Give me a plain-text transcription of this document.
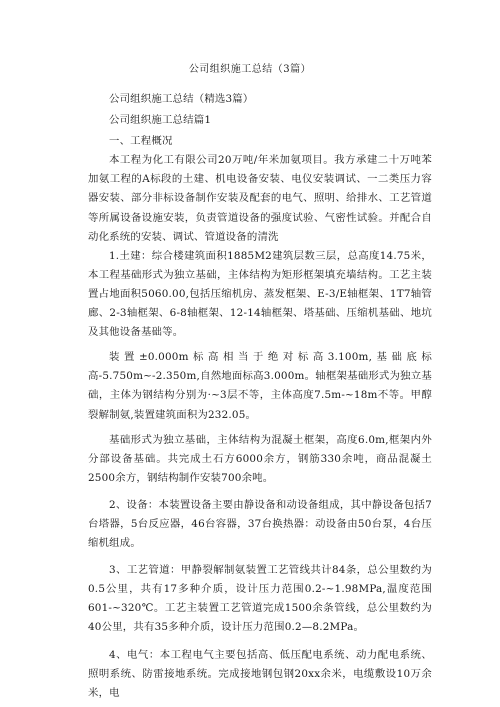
公司组织施工总结（3篇）

公司组织施工总结（精选3篇）

公司组织施工总结篇1

一、工程概况

本工程为化工有限公司20万吨/年米加氨项目。我方承建二十万吨苯加氨工程的A标段的土建、机电设备安装、电仪安装调试、一二类压力容器安装、部分非标设备制作安装及配套的电气、照明、给排水、工艺管道等所属设备设施安装，负责管道设备的强度试验、气密性试验。并配合自动化系统的安装、调试、管道设备的清洗

1.土建：综合楼建筑面积1885M2建筑层数三层，总高度14.75米，本工程基础形式为独立基础，主体结构为矩形框架填充墙结构。工艺主装置占地面积5060.00,包括压缩机房、蒸发框架、E-3/E轴框架、1T7轴管廊、2-3轴框架、6-8轴框架、12-14轴框架、塔基础、压缩机基础、地坑及其他设备基础等。

装置±0.000m标高相当于绝对标高3.100m,基础底标高-5.750m~-2.350m,自然地面标高3.000m。轴框架基础形式为独立基础，主体为钢结构分别为·~3层不等，主体高度7.5m-~18m不等。甲醇裂解制氨,装置建筑面积为232.05。

基础形式为独立基础，主体结构为混凝土框架，高度6.0m,框架内外分部设备基础。共完成土石方6000余方，钢筋330余吨，商品混凝土2500余方，钢结构制作安装700余吨。

2、设备：本装置设备主要由静设备和动设备组成，其中静设备包括7台塔器，5台反应器，46台容器，37台换热器：动设备由50台泵，4台压缩机组成。

3、工艺管道：甲静裂解制氨装置工艺管线共计84条，总公里数约为0.5公里，共有17多种介质，设计压力范围0.2-~1.98MPa,温度范围601-~320℃。工艺主装置工艺管道完成1500余条管线，总公里数约为40公里，共有35多种介质，设计压力范围0.2—8.2MPa。

4、电气：本工程电气主要包括高、低压配电系统、动力配电系统、照明系统、防雷接地系统。完成接地钢包钢20xx余米，电缆敷设10万余米，电
